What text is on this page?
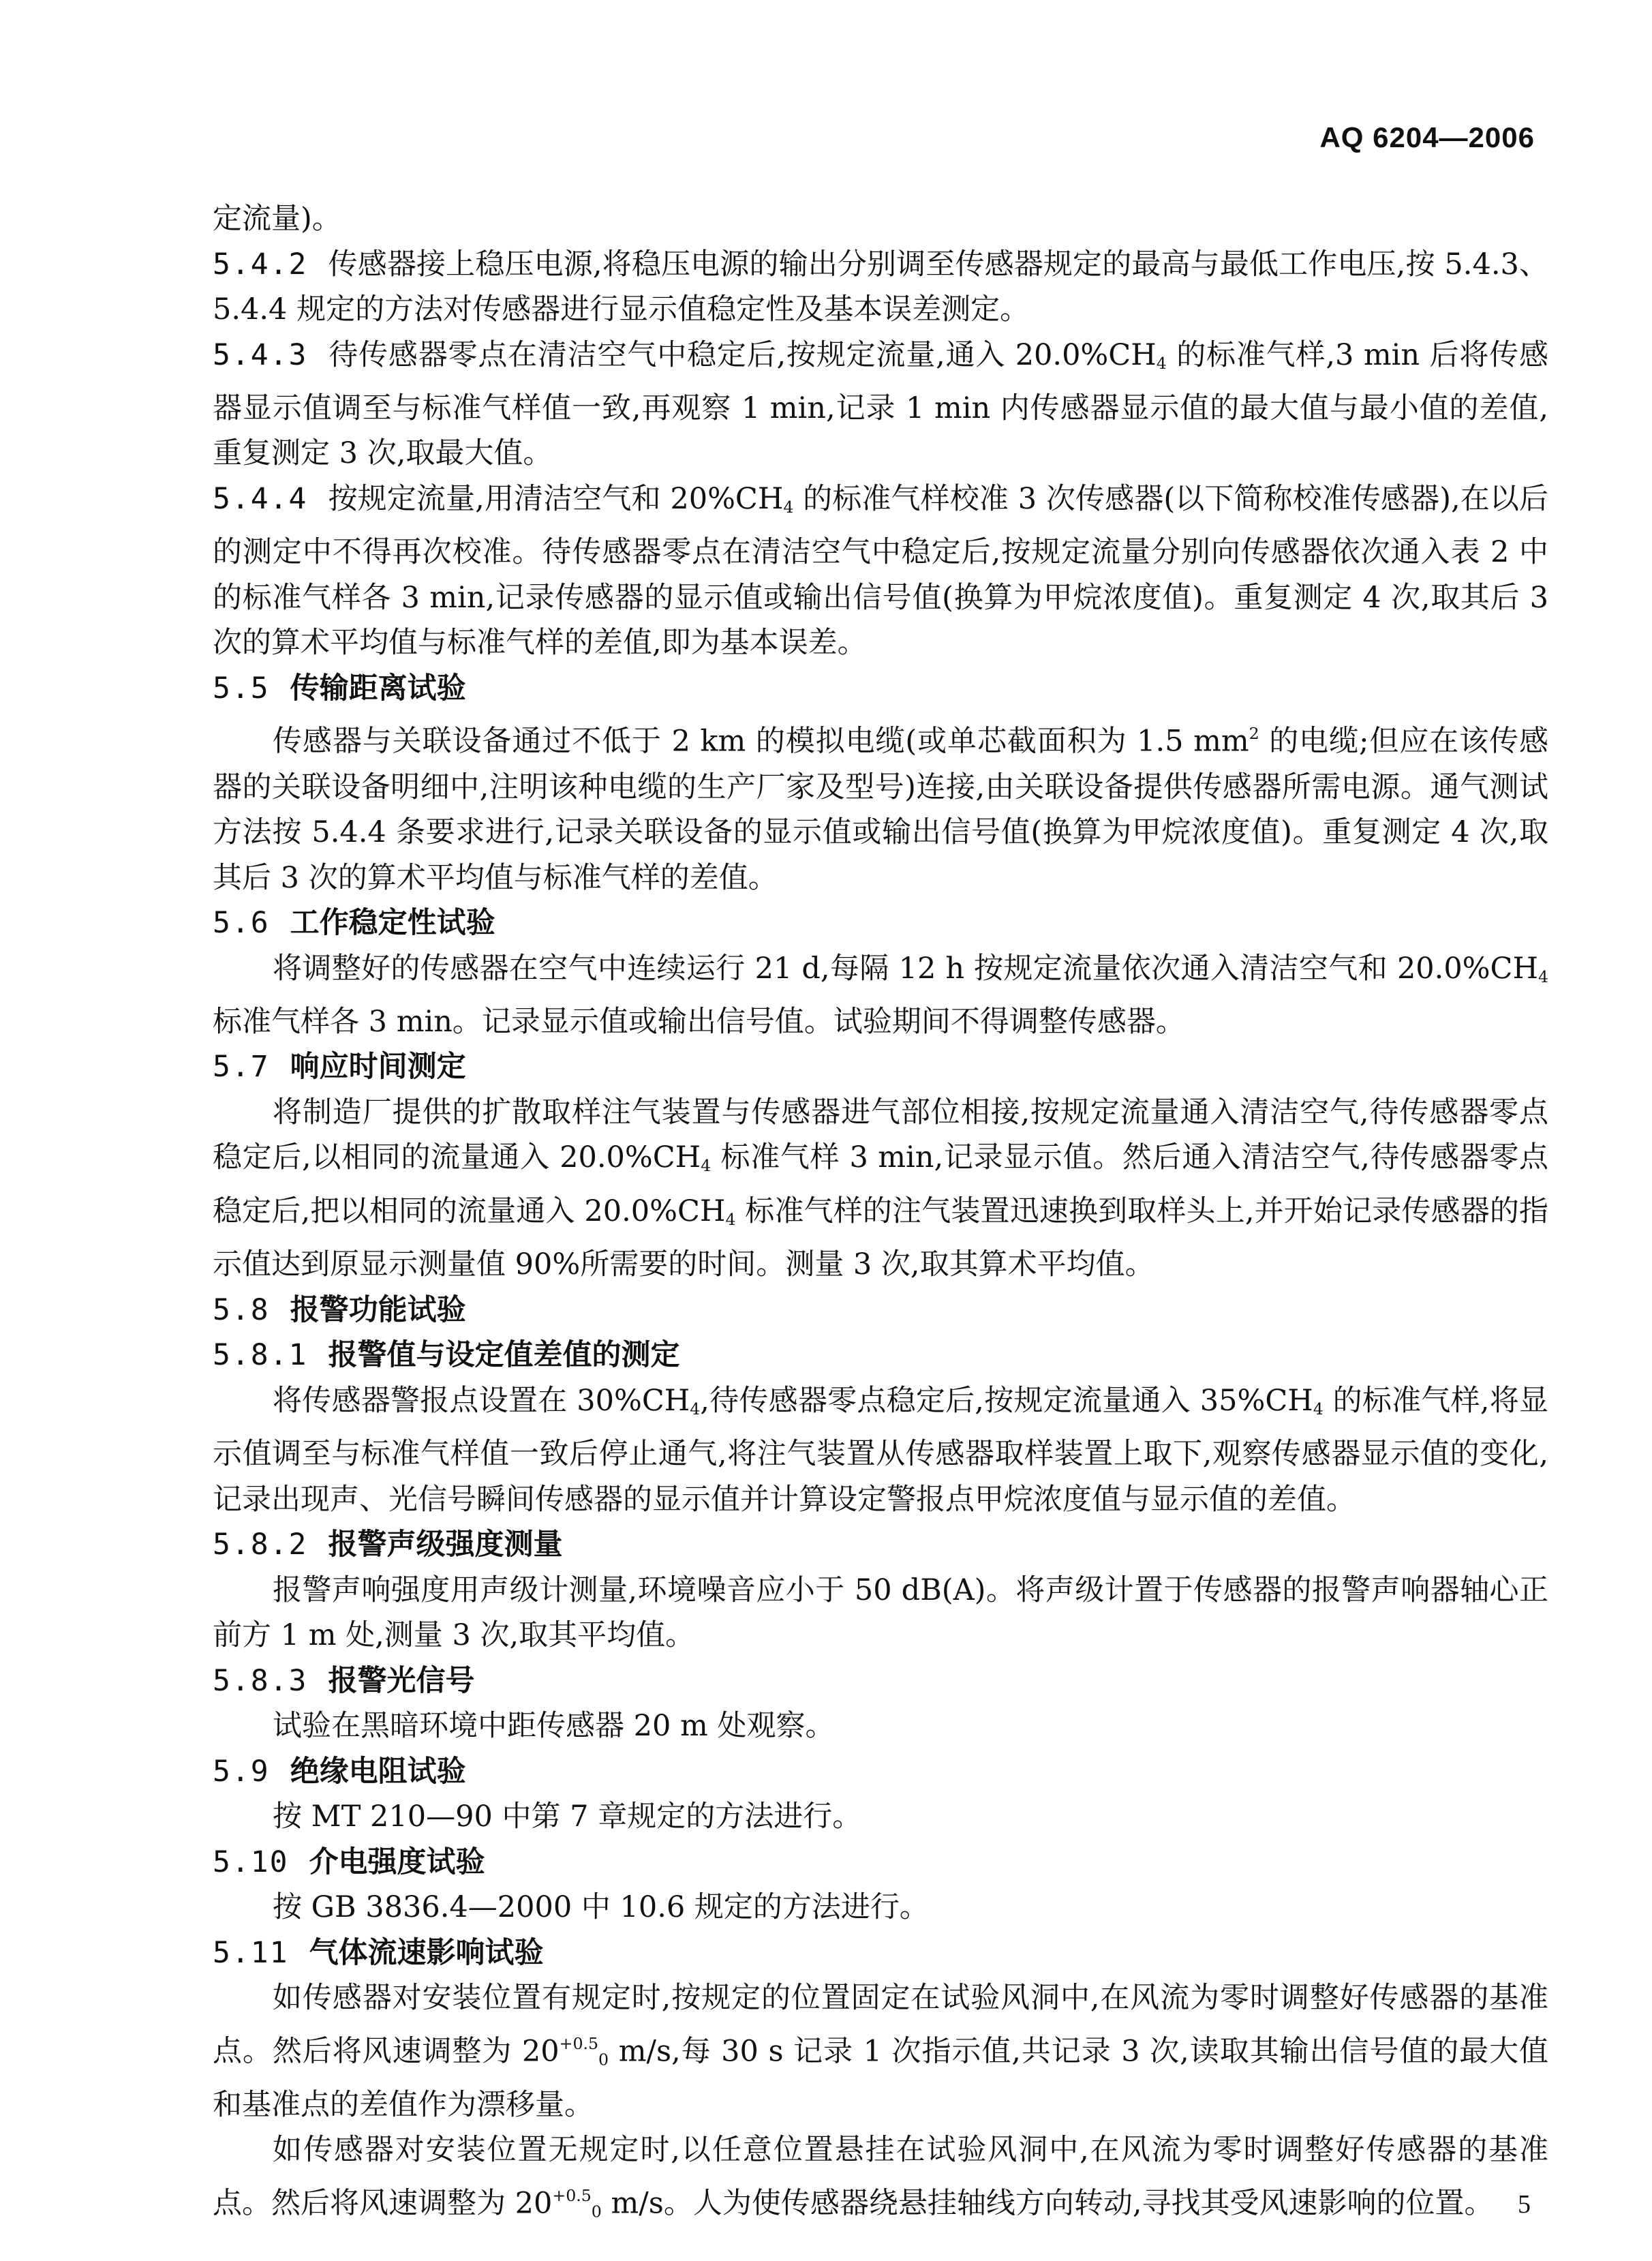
AQ 6204—2006

定流量)。

5.4.2 传感器接上稳压电源,将稳压电源的输出分别调至传感器规定的最高与最低工作电压,按 5.4.3、5.4.4 规定的方法对传感器进行显示值稳定性及基本误差测定。

5.4.3 待传感器零点在清洁空气中稳定后,按规定流量,通入 $20.0\%CH_4$ 的标准气样,3 min 后将传感器显示值调至与标准气样值一致,再观察 1 min,记录 1 min 内传感器显示值的最大值与最小值的差值,重复测定 3 次,取最大值。

5.4.4 按规定流量,用清洁空气和 $20\%CH_4$ 的标准气样校准 3 次传感器(以下简称校准传感器),在以后的测定中不得再次校准。待传感器零点在清洁空气中稳定后,按规定流量分别向传感器依次通入表 2 中的标准气样各 3 min,记录传感器的显示值或输出信号值(换算为甲烷浓度值)。重复测定 4 次,取其后 3 次的算术平均值与标准气样的差值,即为基本误差。

5.5 传输距离试验

传感器与关联设备通过不低于 2 km 的模拟电缆(或单芯截面积为 1.5 $mm^2$ 的电缆;但应在该传感器的关联设备明细中,注明该种电缆的生产厂家及型号)连接,由关联设备提供传感器所需电源。通气测试方法按 5.4.4 条要求进行,记录关联设备的显示值或输出信号值(换算为甲烷浓度值)。重复测定 4 次,取其后 3 次的算术平均值与标准气样的差值。

5.6 工作稳定性试验

将调整好的传感器在空气中连续运行 21 d,每隔 12 h 按规定流量依次通入清洁空气和 $20.0\%CH_4$标准气样各 3 min。记录显示值或输出信号值。试验期间不得调整传感器。

5.7 响应时间测定

将制造厂提供的扩散取样注气装置与传感器进气部位相接,按规定流量通入清洁空气,待传感器零点稳定后,以相同的流量通入 $20.0\%CH_4$ 标准气样 3 min,记录显示值。然后通入清洁空气,待传感器零点稳定后,把以相同的流量通入 $20.0\%CH_4$ 标准气样的注气装置迅速换到取样头上,并开始记录传感器的指示值达到原显示测量值 90%所需要的时间。测量 3 次,取其算术平均值。

5.8 报警功能试验

5.8.1 报警值与设定值差值的测定

将传感器警报点设置在 $30\%CH_4$,待传感器零点稳定后,按规定流量通入 $35\%CH_4$ 的标准气样,将显示值调至与标准气样值一致后停止通气,将注气装置从传感器取样装置上取下,观察传感器显示值的变化,记录出现声、光信号瞬间传感器的显示值并计算设定警报点甲烷浓度值与显示值的差值。

5.8.2 报警声级强度测量

报警声响强度用声级计测量,环境噪音应小于 50 dB(A)。将声级计置于传感器的报警声响器轴心正前方 1 m 处,测量 3 次,取其平均值。

5.8.3 报警光信号

试验在黑暗环境中距传感器 20 m 处观察。

5.9 绝缘电阻试验

按 MT 210—90 中第 7 章规定的方法进行。

5.10 介电强度试验

按 GB 3836.4—2000 中 10.6 规定的方法进行。

5.11 气体流速影响试验

如传感器对安装位置有规定时,按规定的位置固定在试验风洞中,在风流为零时调整好传感器的基准点。然后将风速调整为 $20^{+0.5}_0$ m/s,每 30 s 记录 1 次指示值,共记录 3 次,读取其输出信号值的最大值和基准点的差值作为漂移量。

如传感器对安装位置无规定时,以任意位置悬挂在试验风洞中,在风流为零时调整好传感器的基准点。然后将风速调整为 $20^{+0.5}_0$ m/s。人为使传感器绕悬挂轴线方向转动,寻找其受风速影响的位置。 5
